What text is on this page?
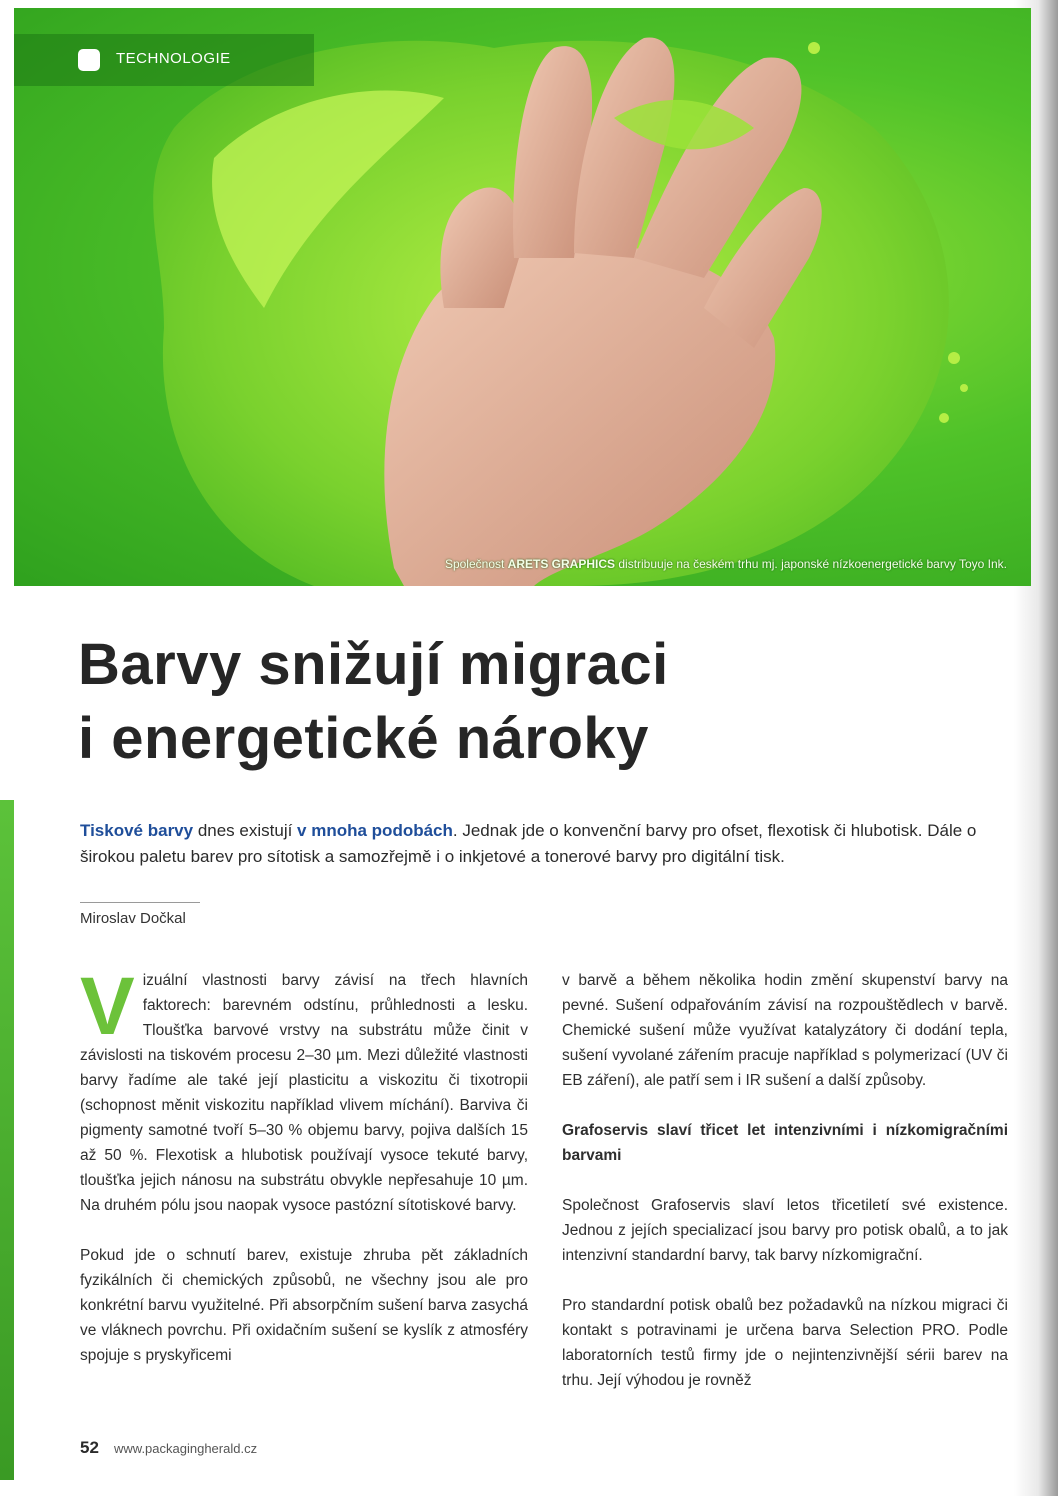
TECHNOLOGIE
Společnost ARETS GRAPHICS distribuuje na českém trhu mj. japonské nízkoenergetické barvy Toyo Ink.
Barvy snižují migraci
i energetické nároky

Tiskové barvy dnes existují v mnoha podobách. Jednak jde o konvenční barvy pro ofset, flexotisk či hlubotisk. Dále o širokou paletu barev pro sítotisk a samozřejmě i o inkjetové a tonerové barvy pro digitální tisk.

Miroslav Dočkal

Vizuální vlastnosti barvy závisí na třech hlavních faktorech: barevném odstínu, průhlednosti a lesku. Tloušťka barvové vrstvy na substrátu může činit v závislosti na tiskovém procesu 2–30 µm. Mezi důležité vlastnosti barvy řadíme ale také její plasticitu a viskozitu či tixotropii (schopnost měnit viskozitu například vlivem míchání). Barviva či pigmenty samotné tvoří 5–30 % objemu barvy, pojiva dalších 15 až 50 %. Flexotisk a hlubotisk používají vysoce tekuté barvy, tloušťka jejich nánosu na substrátu obvykle nepřesahuje 10 µm. Na druhém pólu jsou naopak vysoce pastózní sítotiskové barvy.

Pokud jde o schnutí barev, existuje zhruba pět základních fyzikálních či chemických způsobů, ne všechny jsou ale pro konkrétní barvu využitelné. Při absorpčním sušení barva zasychá ve vláknech povrchu. Při oxidačním sušení se kyslík z atmosféry spojuje s pryskyřicemi

v barvě a během několika hodin změní skupenství barvy na pevné. Sušení odpařováním závisí na rozpouštědlech v barvě. Chemické sušení může využívat katalyzátory či dodání tepla, sušení vyvolané zářením pracuje například s polymerizací (UV či EB záření), ale patří sem i IR sušení a další způsoby.

Grafoservis slaví třicet let intenzivními i nízkomigračními barvami

Společnost Grafoservis slaví letos třicetiletí své existence. Jednou z jejích specializací jsou barvy pro potisk obalů, a to jak intenzivní standardní barvy, tak barvy nízkomigrační.

Pro standardní potisk obalů bez požadavků na nízkou migraci či kontakt s potravinami je určena barva Selection PRO. Podle laboratorních testů firmy jde o nejintenzivnější sérii barev na trhu. Její výhodou je rovněž

52 www.packagingherald.cz
